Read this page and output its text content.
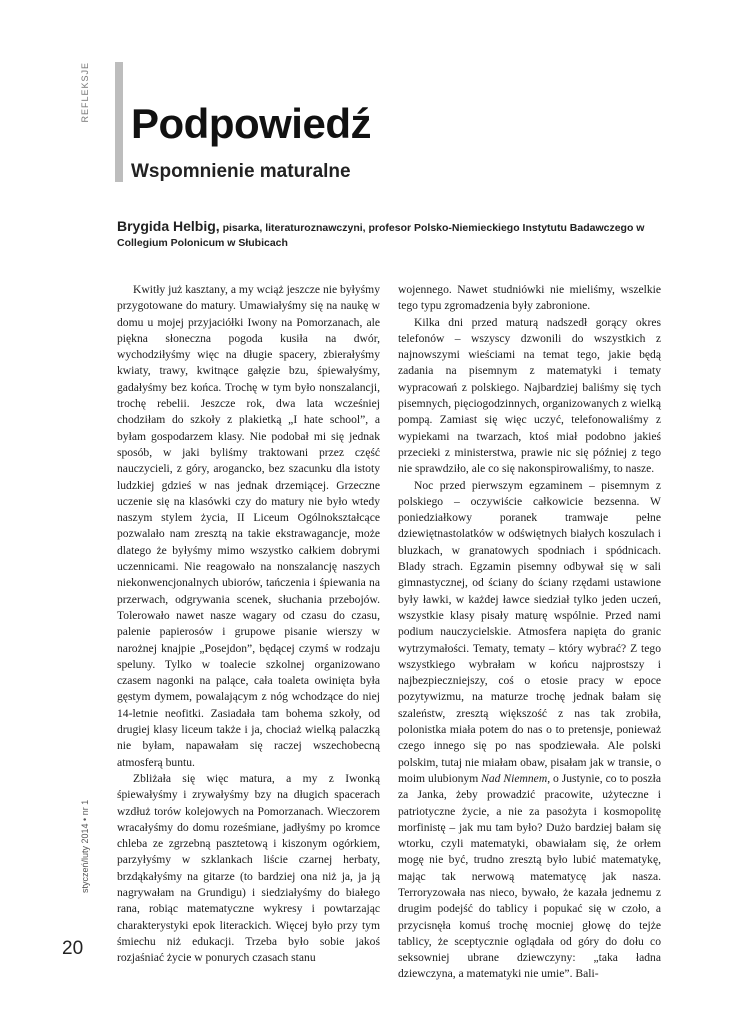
REFLEKSJE
styczeń/luty 2014 • nr 1
20
Podpowiedź
Wspomnienie maturalne

Brygida Helbig, pisarka, literaturoznawczyni, profesor Polsko-Niemieckiego Instytutu Badawczego w Collegium Polonicum w Słubicach

Kwitły już kasztany, a my wciąż jeszcze nie byłyśmy przygotowane do matury. Umawiałyśmy się na naukę w domu u mojej przyjaciółki Iwony na Pomorzanach, ale piękna słoneczna pogoda kusiła na dwór, wychodziłyśmy więc na długie spacery, zbierałyśmy kwiaty, trawy, kwitnące gałęzie bzu, śpiewałyśmy, gadałyśmy bez końca. Trochę w tym było nonszalancji, trochę rebelii. Jeszcze rok, dwa lata wcześniej chodziłam do szkoły z plakietką „I hate school”, a byłam gospodarzem klasy. Nie podobał mi się jednak sposób, w jaki byliśmy traktowani przez część nauczycieli, z góry, arogancko, bez szacunku dla istoty ludzkiej gdzieś w nas jednak drzemiącej. Grzeczne uczenie się na klasówki czy do matury nie było wtedy naszym stylem życia, II Liceum Ogólnokształcące pozwalało nam zresztą na takie ekstrawagancje, może dlatego że byłyśmy mimo wszystko całkiem dobrymi uczennicami. Nie reagowało na nonszalancję naszych niekonwencjonalnych ubiorów, tańczenia i śpiewania na przerwach, odgrywania scenek, słuchania przebojów. Tolerowało nawet nasze wagary od czasu do czasu, palenie papierosów i grupowe pisanie wierszy w narożnej knajpie „Posejdon”, będącej czymś w rodzaju speluny. Tylko w toalecie szkolnej organizowano czasem nagonki na palące, cała toaleta owinięta była gęstym dymem, powalającym z nóg wchodzące do niej 14-letnie neofitki. Zasiadała tam bohema szkoły, od drugiej klasy liceum także i ja, chociaż wielką palaczką nie byłam, napawałam się raczej wszechobecną atmosferą buntu.

Zbliżała się więc matura, a my z Iwonką śpiewałyśmy i zrywałyśmy bzy na długich spacerach wzdłuż torów kolejowych na Pomorzanach. Wieczorem wracałyśmy do domu roześmiane, jadłyśmy po kromce chleba ze zgrzebną pasztetową i kiszonym ogórkiem, parzyłyśmy w szklankach liście czarnej herbaty, brzdąkałyśmy na gitarze (to bardziej ona niż ja, ja ją nagrywałam na Grundigu) i siedziałyśmy do białego rana, robiąc matematyczne wykresy i powtarzając charakterystyki epok literackich. Więcej było przy tym śmiechu niż edukacji. Trzeba było sobie jakoś rozjaśniać życie w ponurych czasach stanu

wojennego. Nawet studniówki nie mieliśmy, wszelkie tego typu zgromadzenia były zabronione.

Kilka dni przed maturą nadszedł gorący okres telefonów – wszyscy dzwonili do wszystkich z najnowszymi wieściami na temat tego, jakie będą zadania na pisemnym z matematyki i tematy wypracowań z polskiego. Najbardziej baliśmy się tych pisemnych, pięciogodzinnych, organizowanych z wielką pompą. Zamiast się więc uczyć, telefonowaliśmy z wypiekami na twarzach, ktoś miał podobno jakieś przecieki z ministerstwa, prawie nic się później z tego nie sprawdziło, ale co się nakonspirowaliśmy, to nasze.

Noc przed pierwszym egzaminem – pisemnym z polskiego – oczywiście całkowicie bezsenna. W poniedziałkowy poranek tramwaje pełne dziewiętnastolatków w odświętnych białych koszulach i bluzkach, w granatowych spodniach i spódnicach. Blady strach. Egzamin pisemny odbywał się w sali gimnastycznej, od ściany do ściany rzędami ustawione były ławki, w każdej ławce siedział tylko jeden uczeń, wszystkie klasy pisały maturę wspólnie. Przed nami podium nauczycielskie. Atmosfera napięta do granic wytrzymałości. Tematy, tematy – który wybrać? Z tego wszystkiego wybrałam w końcu najprostszy i najbezpieczniejszy, coś o etosie pracy w epoce pozytywizmu, na maturze trochę jednak bałam się szaleństw, zresztą większość z nas tak zrobiła, polonistka miała potem do nas o to pretensje, ponieważ czego innego się po nas spodziewała. Ale polski polskim, tutaj nie miałam obaw, pisałam jak w transie, o moim ulubionym Nad Niemnem, o Justynie, co to poszła za Janka, żeby prowadzić pracowite, użyteczne i patriotyczne życie, a nie za pasożyta i kosmopolitę morfinistę – jak mu tam było? Dużo bardziej bałam się wtorku, czyli matematyki, obawiałam się, że orłem mogę nie być, trudno zresztą było lubić matematykę, mając tak nerwową matematycę jak nasza. Terroryzowała nas nieco, bywało, że kazała jednemu z drugim podejść do tablicy i popukać się w czoło, a przycisnęła komuś trochę mocniej głowę do tejże tablicy, że sceptycznie oglądała od góry do dołu co seksowniej ubrane dziewczyny: „taka ładna dziewczyna, a matematyki nie umie”. Bali-
